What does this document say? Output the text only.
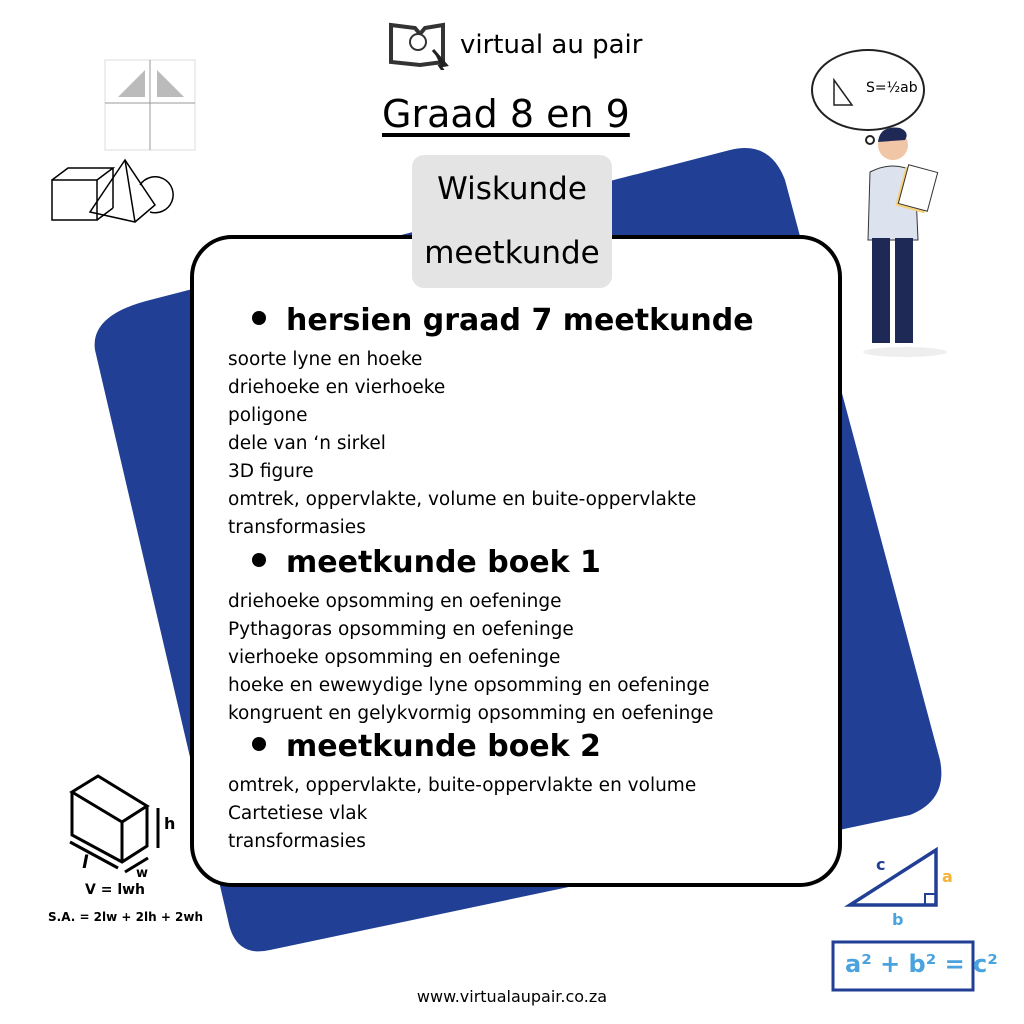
virtual au pair
Graad 8 en 9
Wiskunde
meetkunde
hersien graad 7 meetkunde
soorte lyne en hoeke
driehoeke en vierhoeke
poligone
dele van ‘n sirkel
3D figure
omtrek, oppervlakte, volume en buite-oppervlakte
transformasies
meetkunde boek 1
driehoeke opsomming en oefeninge
Pythagoras opsomming en oefeninge
vierhoeke opsomming en oefeninge
hoeke en ewewydige lyne opsomming en oefeninge
kongruent en gelykvormig opsomming en oefeninge
meetkunde boek 2
omtrek, oppervlakte, buite-oppervlakte en volume
Cartetiese vlak
transformasies
V = lwh
S.A. = 2lw + 2lh + 2wh
l
w
h
c
a
b
a² + b² = c²
S=½ab
www.virtualaupair.co.za
